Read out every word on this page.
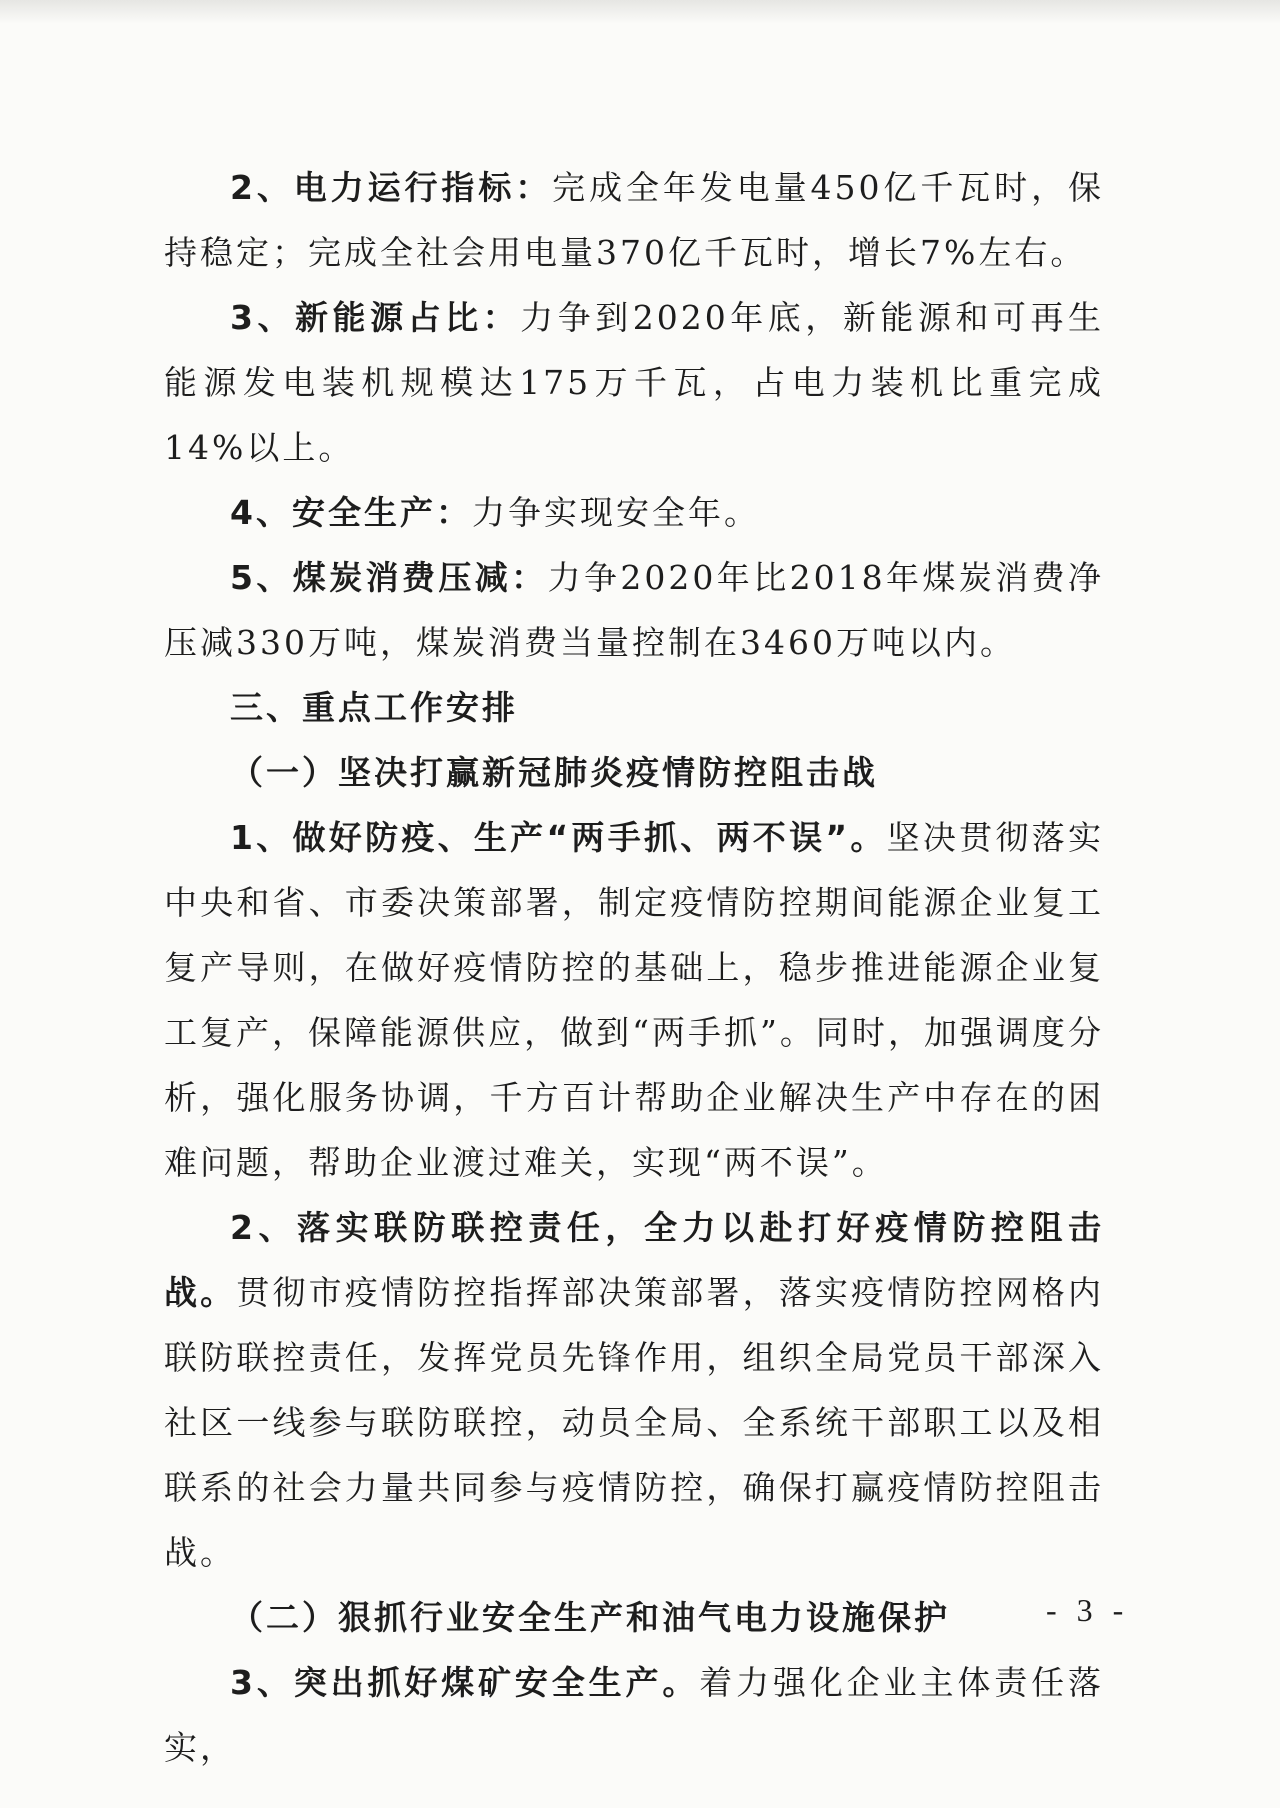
2、电力运行指标：完成全年发电量450亿千瓦时，保持稳定；完成全社会用电量370亿千瓦时，增长7%左右。

3、新能源占比：力争到2020年底，新能源和可再生能源发电装机规模达175万千瓦，占电力装机比重完成14%以上。

4、安全生产：力争实现安全年。

5、煤炭消费压减：力争2020年比2018年煤炭消费净压减330万吨，煤炭消费当量控制在3460万吨以内。

三、重点工作安排

（一）坚决打赢新冠肺炎疫情防控阻击战

1、做好防疫、生产“两手抓、两不误”。坚决贯彻落实中央和省、市委决策部署，制定疫情防控期间能源企业复工复产导则，在做好疫情防控的基础上，稳步推进能源企业复工复产，保障能源供应，做到“两手抓”。同时，加强调度分析，强化服务协调，千方百计帮助企业解决生产中存在的困难问题，帮助企业渡过难关，实现“两不误”。

2、落实联防联控责任，全力以赴打好疫情防控阻击战。贯彻市疫情防控指挥部决策部署，落实疫情防控网格内联防联控责任，发挥党员先锋作用，组织全局党员干部深入社区一线参与联防联控，动员全局、全系统干部职工以及相联系的社会力量共同参与疫情防控，确保打赢疫情防控阻击战。

（二）狠抓行业安全生产和油气电力设施保护

3、突出抓好煤矿安全生产。着力强化企业主体责任落实，

- 3 -
